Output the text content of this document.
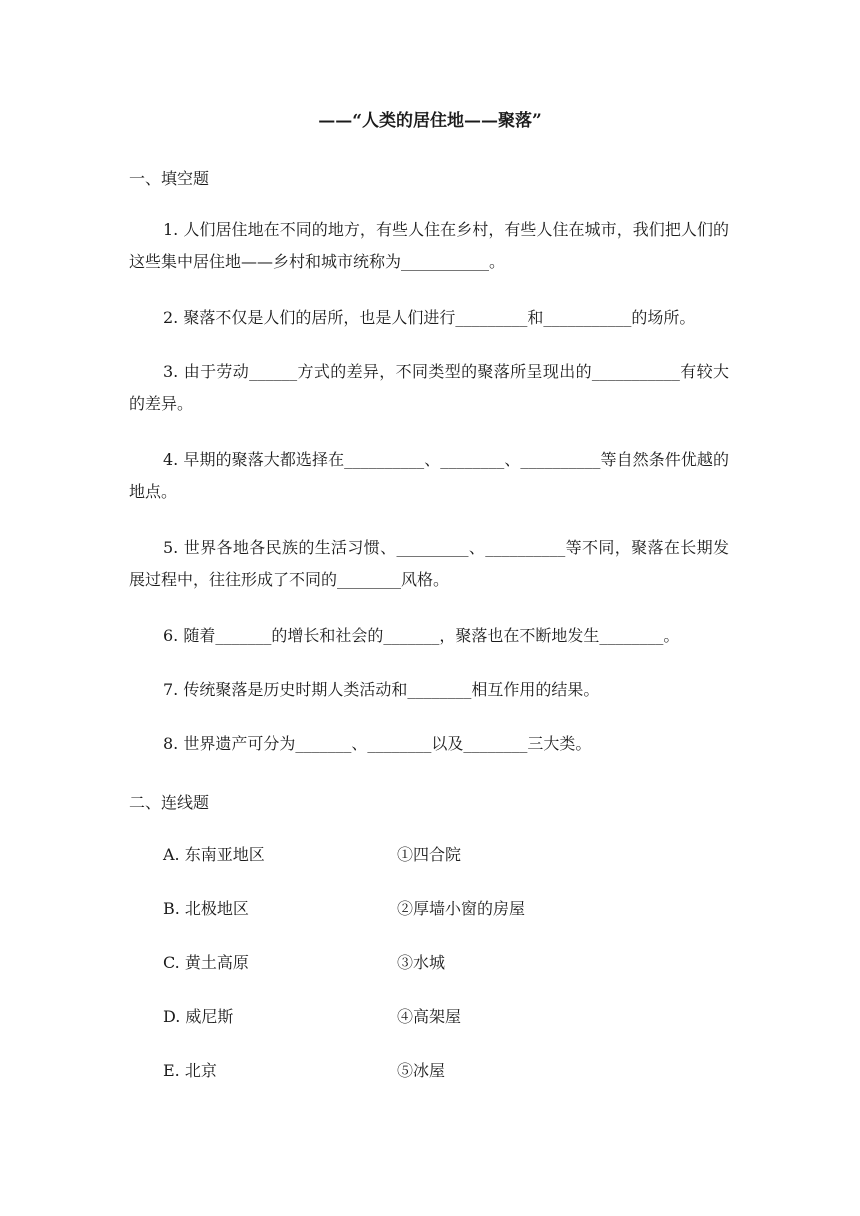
——“人类的居住地——聚落”
一、填空题
1. 人们居住地在不同的地方，有些人住在乡村，有些人住在城市，我们把人们的这些集中居住地——乡村和城市统称为___________。
2. 聚落不仅是人们的居所，也是人们进行_________和___________的场所。
3. 由于劳动______方式的差异，不同类型的聚落所呈现出的___________有较大的差异。
4. 早期的聚落大都选择在__________、________、__________等自然条件优越的地点。
5. 世界各地各民族的生活习惯、_________、__________等不同，聚落在长期发展过程中，往往形成了不同的________风格。
6. 随着_______的增长和社会的_______，聚落也在不断地发生________。
7. 传统聚落是历史时期人类活动和________相互作用的结果。
8. 世界遗产可分为_______、________以及________三大类。
二、连线题
A. 东南亚地区	①四合院
B. 北极地区	②厚墙小窗的房屋
C. 黄土高原	③水城
D. 威尼斯	④高架屋
E. 北京	⑤冰屋
